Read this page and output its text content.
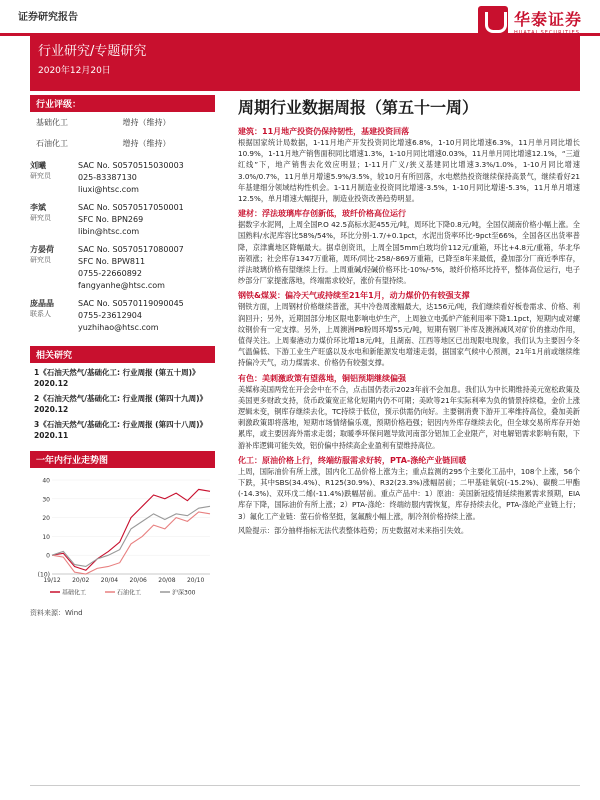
证券研究报告	华泰证券
行业研究/专题研究
2020年12月20日
行业评级：
基础化工	增持（维持）
石油化工	增持（维持）
刘曦
研究员
SAC No. S0570515030003
025-83387130
liuxi@htsc.com
李斌
研究员
SAC No. S0570517050001
SFC No. BPN269
libin@htsc.com
方晏荷
研究员
SAC No. S0570517080007
SFC No. BPW811
0755-22660892
fangyanhe@htsc.com
庞晶晶
联系人
SAC No. S0570119090045
0755-23612904
yuzhihao@htsc.com
相关研究
1《石油天然气/基础化工: 行业周报 (第五十周)》2020.12
2《石油天然气/基础化工: 行业周报 (第四十九周)》2020.12
3《石油天然气/基础化工: 行业周报 (第四十八周)》2020.11
一年内行业走势图
(10)
0
10
20
30
40
19/12 20/02 20/04 20/06 20/08 20/10
基础化工	石油化工	沪深300
资料来源：Wind
周期行业数据周报（第五十一周）
建筑：11月地产投资仍保持韧性，基建投资回落
根据国家统计局数据，1-11月地产开发投资同比增速6.8%，1-10月同比增速6.3%，11月单月同比增长10.9%，1-11月地产销售面积同比增速1.3%，1-10月同比增速0.03%，11月单月同比增速12.1%，“三道红线”下，地产销售去化效应明显；1-11月广义/狭义基建同比增速3.3%/1.0%，1-10月同比增速3.0%/0.7%，11月单月增速5.9%/3.5%，较10月有所回落，水电燃热投资继续保持高景气，继续看好21年基建细分领域结构性机会。1-11月制造业投资同比增速-3.5%，1-10月同比增速-5.3%，11月单月增速12.5%，单月增速大幅提升，制造业投资改善趋势明显。
建材：浮法玻璃库存创新低，玻纤价格高位运行
据数字水泥网，上周全国P.O 42.5高标水泥455元/吨，周环比下降0.8元/吨，全国仅湖南价格小幅上涨。全国熟料/水泥库容比58%/54%，环比分别-1.7/+0.1pct，水泥出货率环比-9pct至66%，全国各区出货率普降，京津冀地区降幅最大。据卓创资讯，上周全国5mm白玻均价112元/重箱，环比+4.8元/重箱，华北华南领涨；社会库存1347万重箱，周环/同比-258/-869万重箱，已降至8年来最低，叠加部分厂商近季库存，浮法玻璃价格有望继续上行。上周重碱/轻碱价格环比-10%/-5%，玻纤价格环比持平，整体高位运行，电子纱部分厂家提涨落地，终端需求较好，涨价有望持续。
钢铁&煤炭：偏冷天气或持续至21年1月，动力煤价仍有较强支撑
钢铁方面，上周钢材价格继续普涨，其中冷卷周涨幅最大，达156元/吨，我们继续看好板卷需求、价格、利润回升；另外，近期国部分地区限电影响电炉生产，上周独立电弧炉产能利用率下降1.1pct，短期内或对螺纹钢价有一定支撑。另外，上周澳洲PB粉周环增55元/吨，短期有钢厂补库及澳洲减风对矿价的推动作用，值得关注。上周秦港动力煤价环比增18元/吨，且湖南、江西等地区已出现限电现象，我们认为主要因今冬气温偏低、下游工业生产旺盛以及水电和新能源发电增速走弱，据国家气候中心预测，21年1月前或继续维持偏冷天气，动力煤需求、价格仍有较强支撑。
有色：美刺激政策有望落地，铜铝预期继续偏强
美媒称美国两党在开会会中在不合，点击国仍表示2023年前不会加息。我们认为中长期维持美元宽松政策及美国更多财政支持，货币政策宽正常化短期内仍不可期；美欧等21年实际利率为负的情景持续稳，金价上涨逻辑未变，铜库存继续去化，TC持续于低位，预示供需仍向好。主要铜消费下游开工率维持高位，叠加美新刺激政策即将落地，短期市场情绪偏乐观，预期价格趋强；铝因内外库存继续去化，但全球交易所库存开始累库，或主要因海外需求走弱；取暖季环保问题导致河南部分铝加工企业限产，对电解铝需求影响有限，下游补库逻辑可能失效，铝价偏中持续高企业盈利有望维持高位。
化工：原油价格上行，终端纺服需求好转，PTA-涤纶产业链回暖
上周，国际油价有所上涨，国内化工品价格上涨为主；重点监测的295个主要化工品中，108个上涨，56个下跌，其中SBS(34.4%)、R125(30.9%)、R32(23.3%)涨幅居前；二甲基硅氧烷(-15.2%)、碳酸二甲酯(-14.3%)、双环戊二烯(-11.4%)跌幅居前。重点产品中：1）原油：美国新冠疫情延续拖累需求预期，EIA库存下降，国际油价有所上涨；2）PTA-涤纶：终端纺服内需恢复，库存持续去化，PTA-涤纶产业链上行；3）氟化工产业链：萤石价格坚挺，氢氟酸小幅上涨，制冷剂价格持续上涨。
风险提示：部分抽样指标无法代表整体趋势；历史数据对未来指引失效。
